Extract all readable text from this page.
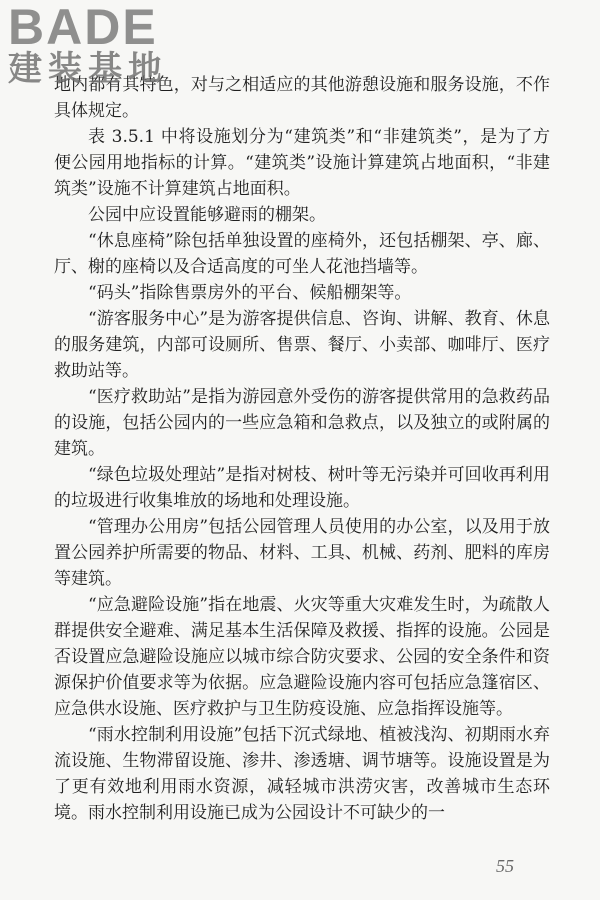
BADE
建装基地

地内都有其特色，对与之相适应的其他游憩设施和服务设施，不作具体规定。

表 3.5.1 中将设施划分为“建筑类”和“非建筑类”，是为了方便公园用地指标的计算。“建筑类”设施计算建筑占地面积，“非建筑类”设施不计算建筑占地面积。

公园中应设置能够避雨的棚架。

“休息座椅”除包括单独设置的座椅外，还包括棚架、亭、廊、厅、榭的座椅以及合适高度的可坐人花池挡墙等。

“码头”指除售票房外的平台、候船棚架等。

“游客服务中心”是为游客提供信息、咨询、讲解、教育、休息的服务建筑，内部可设厕所、售票、餐厅、小卖部、咖啡厅、医疗救助站等。

“医疗救助站”是指为游园意外受伤的游客提供常用的急救药品的设施，包括公园内的一些应急箱和急救点，以及独立的或附属的建筑。

“绿色垃圾处理站”是指对树枝、树叶等无污染并可回收再利用的垃圾进行收集堆放的场地和处理设施。

“管理办公用房”包括公园管理人员使用的办公室，以及用于放置公园养护所需要的物品、材料、工具、机械、药剂、肥料的库房等建筑。

“应急避险设施”指在地震、火灾等重大灾难发生时，为疏散人群提供安全避难、满足基本生活保障及救援、指挥的设施。公园是否设置应急避险设施应以城市综合防灾要求、公园的安全条件和资源保护价值要求等为依据。应急避险设施内容可包括应急篷宿区、应急供水设施、医疗救护与卫生防疫设施、应急指挥设施等。

“雨水控制利用设施”包括下沉式绿地、植被浅沟、初期雨水弃流设施、生物滞留设施、渗井、渗透塘、调节塘等。设施设置是为了更有效地利用雨水资源，减轻城市洪涝灾害，改善城市生态环境。雨水控制利用设施已成为公园设计不可缺少的一

55
